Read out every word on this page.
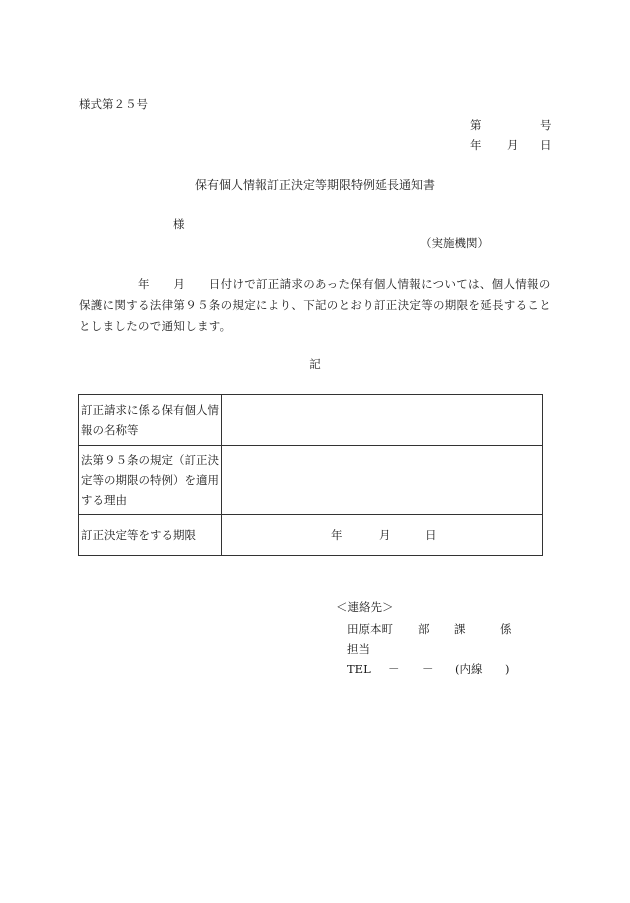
様式第２５号
第	号
年 月 日
保有個人情報訂正決定等期限特例延長通知書
様
（実施機関）
　　　　　年　　月　　日付けで訂正請求のあった保有個人情報については、個人情報の
保護に関する法律第９５条の規定により、下記のとおり訂正決定等の期限を延長すること
としましたので通知します。
記
訂正請求に係る保有個人情
報の名称等	

法第９５条の規定（訂正決
定等の期限の特例）を適用
する理由	

訂正決定等をする期限	年 月 日
＜連絡先＞
田原本町 部 課	係
担当
TEL － － (内線 )
